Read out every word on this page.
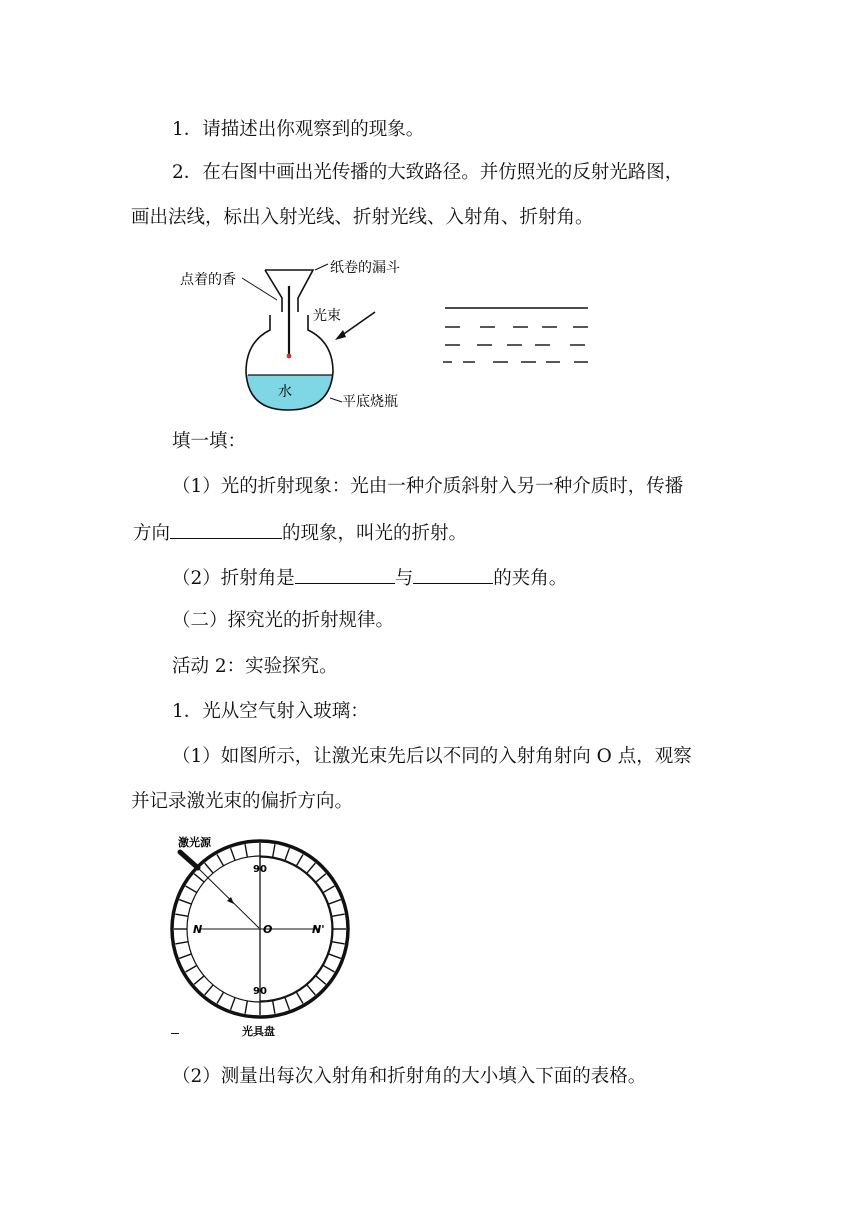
1．请描述出你观察到的现象。
2．在右图中画出光传播的大致路径。并仿照光的反射光路图，
画出法线，标出入射光线、折射光线、入射角、折射角。
点着的香
纸卷的漏斗
光束
水
平底烧瓶
填一填：
（1）光的折射现象：光由一种介质斜射入另一种介质时，传播
方向	的现象，叫光的折射。
（2）折射角是	与	的夹角。
（二）探究光的折射规律。
活动 2：实验探究。
1．光从空气射入玻璃：
（1）如图所示，让激光束先后以不同的入射角射向 O 点，观察
并记录激光束的偏折方向。
激光源
90
90
N	O	N'
光具盘
（2）测量出每次入射角和折射角的大小填入下面的表格。
